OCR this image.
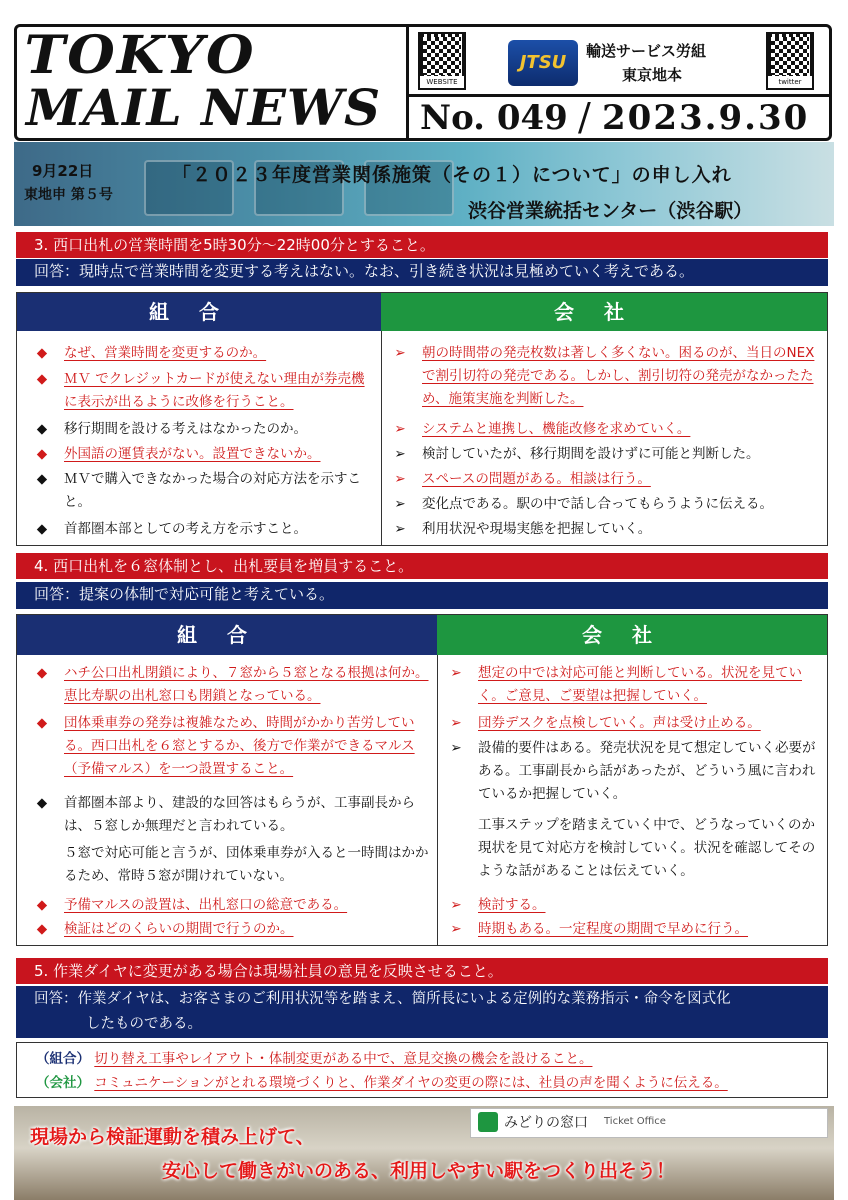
TOKYO
MAIL NEWS	WEBSITE
JTSU
輸送サービス労組
東京地本	twitter
No. 049 / 2023.9.30
9月22日
東地申 第５号
「２０２３年度営業関係施策（その１）について」の申し入れ
渋谷営業統括センター（渋谷駅）
3. 西口出札の営業時間を5時30分～22時00分とすること。
回答：現時点で営業時間を変更する考えはない。なお、引き続き状況は見極めていく考えである。
組合	会社
◆	なぜ、営業時間を変更するのか。
◆	ＭＶ でクレジットカードが使えない理由が券売機に表示が出るように改修を行うこと。
◆	移行期間を設ける考えはなかったのか。
◆	外国語の運賃表がない。設置できないか。
◆	ＭＶで購入できなかった場合の対応方法を示すこと。
◆	首都圏本部としての考え方を示すこと。
➢	朝の時間帯の発売枚数は著しく多くない。困るのが、当日のNEX で割引切符の発売である。しかし、割引切符の発売がなかったため、施策実施を判断した。
➢	システムと連携し、機能改修を求めていく。
➢	検討していたが、移行期間を設けずに可能と判断した。
➢	スペースの問題がある。相談は行う。
➢	変化点である。駅の中で話し合ってもらうように伝える。
➢	利用状況や現場実態を把握していく。
4. 西口出札を６窓体制とし、出札要員を増員すること。
回答：提案の体制で対応可能と考えている。
組合	会社
◆	ハチ公口出札閉鎖により、７窓から５窓となる根拠は何か。恵比寿駅の出札窓口も閉鎖となっている。
◆	団体乗車券の発券は複雑なため、時間がかかり苦労している。西口出札を６窓とするか、後方で作業ができるマルス（予備マルス）を一つ設置すること。
◆	首都圏本部より、建設的な回答はもらうが、工事副長からは、５窓しか無理だと言われている。
５窓で対応可能と言うが、団体乗車券が入ると一時間はかかるため、常時５窓が開けれていない。
◆	予備マルスの設置は、出札窓口の総意である。
◆	検証はどのくらいの期間で行うのか。
➢	想定の中では対応可能と判断している。状況を見ていく。ご意見、ご要望は把握していく。
➢	団券デスクを点検していく。声は受け止める。
➢	設備的要件はある。発売状況を見て想定していく必要がある。工事副長から話があったが、どういう風に言われているか把握していく。
工事ステップを踏まえていく中で、どうなっていくのか現状を見て対応方を検討していく。状況を確認してそのような話があることは伝えていく。
➢	検討する。
➢	時期もある。一定程度の期間で早めに行う。
5. 作業ダイヤに変更がある場合は現場社員の意見を反映させること。
回答：作業ダイヤは、お客さまのご利用状況等を踏まえ、箇所長にいよる定例的な業務指示・命令を図式化
したものである。
（組合） 切り替え工事やレイアウト・体制変更がある中で、意見交換の機会を設けること。
（会社） コミュニケーションがとれる環境づくりと、作業ダイヤの変更の際には、社員の声を聞くように伝える。
みどりの窓口 Ticket Office
現場から検証運動を積み上げて、
安心して働きがいのある、利用しやすい駅をつくり出そう！
